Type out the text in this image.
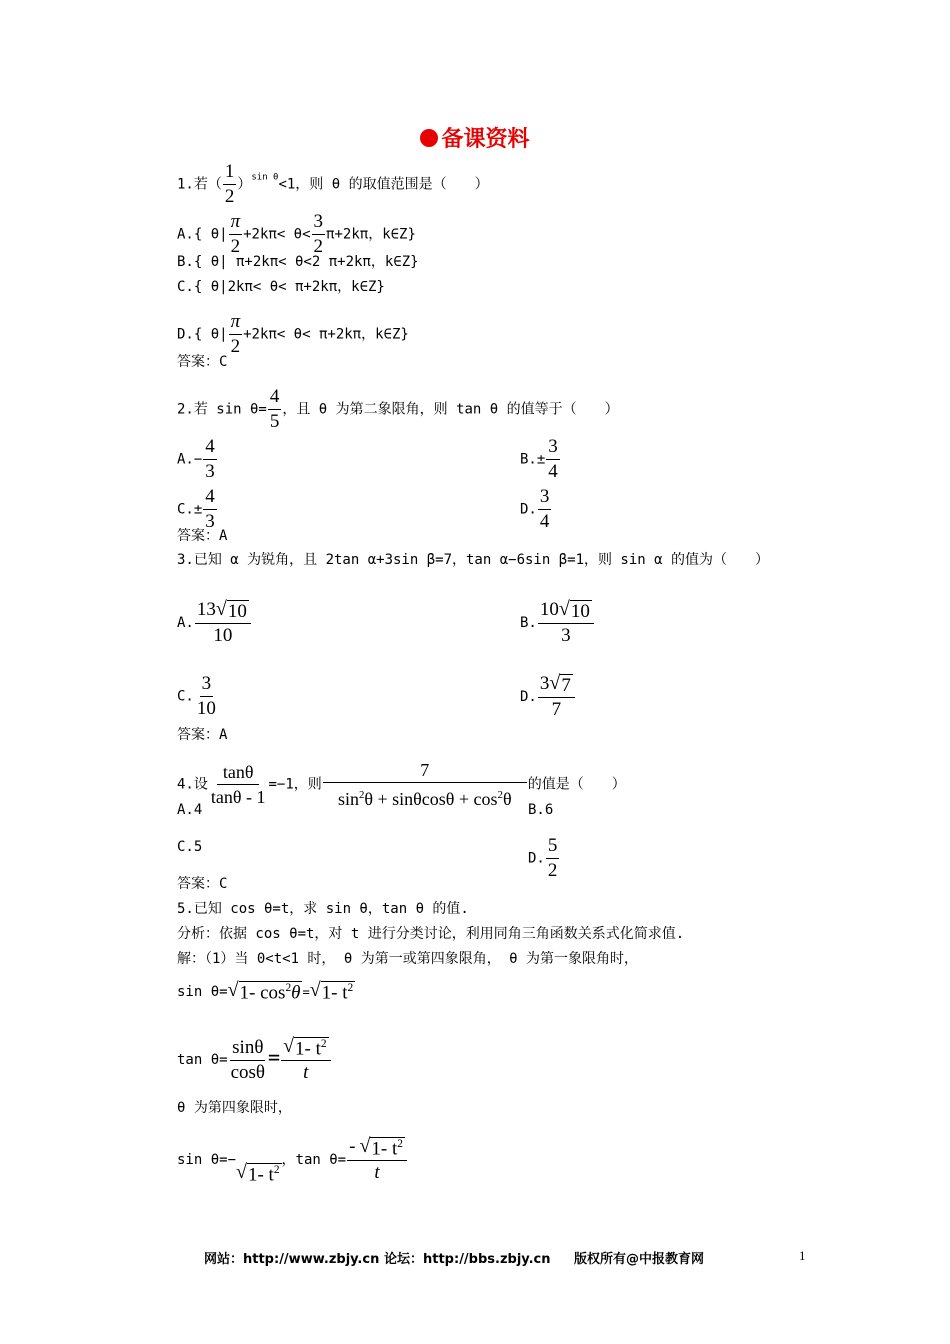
备课资料
1.若（ $\frac{1}{2} )^{sin \theta}<1$，则 θ 的取值范围是（　　）
A.{ $\theta| \frac{\pi}{2} +2k\pi< \theta< \frac{3}{2} \pi+2k\pi$，k∈Z}
B.{ θ| π+2kπ< θ<2 π+2kπ，k∈Z}
C.{ θ|2kπ< θ< π+2kπ，k∈Z}
D.{ $\theta| \frac{\pi}{2} +2k\pi< \theta< \pi+2k\pi$，k∈Z}
答案：C
2.若 $\sin \theta= \frac{4}{5}$ ，且 θ 为第二象限角，则 tan θ 的值等于（　　）
$A.- \frac{4}{3}$	$B.\pm \frac{3}{4}$
$C.\pm \frac{4}{3}$	D. $\frac{3}{4}$
答案：A
3.已知 α 为锐角，且 2tan α+3sin β=7，tan α−6sin β=1，则 sin α 的值为（　　）
A. $\frac{13 √ 10}{10}$	B. $\frac{10 √ 10}{3}$
C. $\frac{3}{10}$	D. $\frac{3 √ 7}{7}$
答案：A
4.设 $\frac{\tan\theta}{\tan\theta - 1} =-1$，则 $\frac{7}{\sin^2\theta + \sin\theta\cos\theta + \cos^2\theta}$ 的值是（　　）
A.4	B.6
C.5
D. $\frac{5}{2}$
答案：C
5.已知 cos θ=t，求 sin θ，tan θ 的值.
分析：依据 cos θ=t，对 t 进行分类讨论，利用同角三角函数关系式化简求值.
解：（1）当 0<t<1 时， θ 为第一或第四象限角， θ 为第一象限角时，
sin θ= √ 1- $\cos^2\theta$ = √ 1- $t^2$
$\tan \theta= \frac{\sin\theta}{\cos\theta} = \frac{√ 1- t^2}{t}$
θ 为第四象限时，
sin θ=−
√ 1- $t^2$
，$\tan \theta= \frac{- √ 1- t^2}{t}$
网站：http://www.zbjy.cn 论坛：http://bbs.zbjy.cn 版权所有@中报教育网	1
